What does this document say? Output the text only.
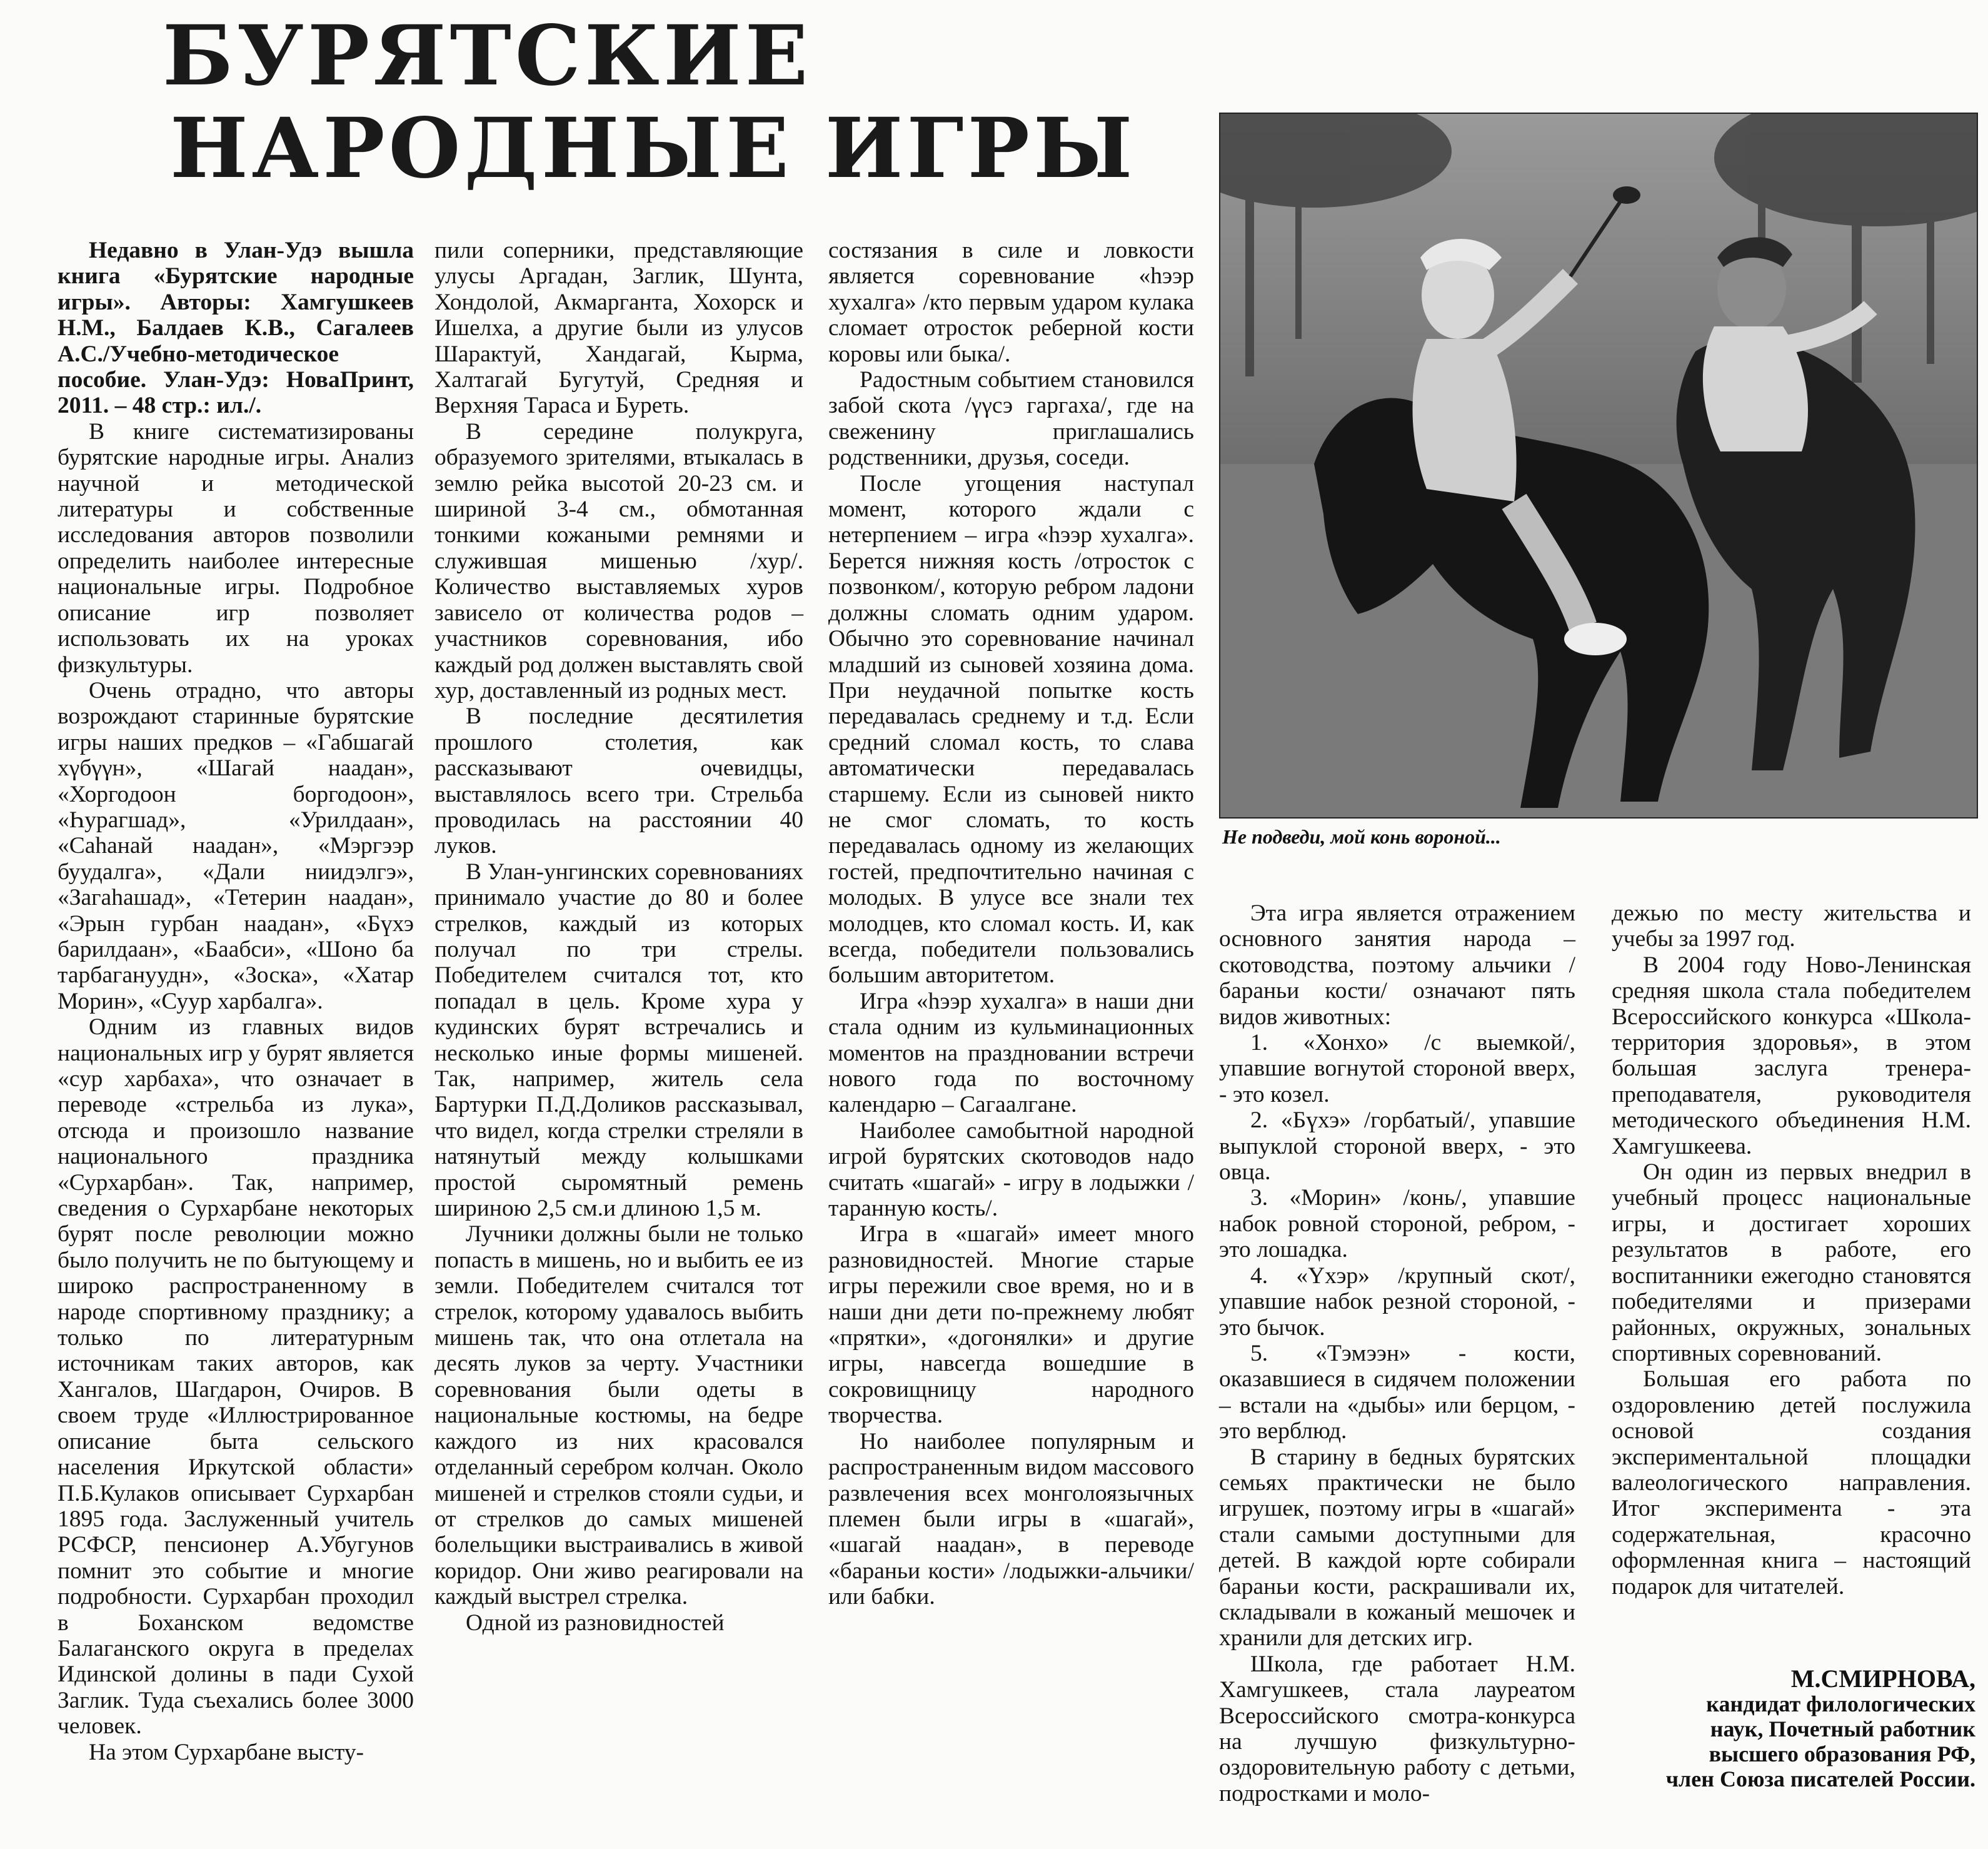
БУРЯТСКИЕ
НАРОДНЫЕ ИГРЫ
Не подведи, мой конь вороной...

Недавно в Улан-Удэ вышла книга «Бурятские народные игры». Авторы: Хамгушкеев Н.М., Балдаев К.В., Сагалеев А.С./Учебно-методическое пособие. Улан-Удэ: НоваПринт, 2011. – 48 стр.: ил./.

В книге систематизированы бурятские народные игры. Анализ научной и методической литературы и собственные исследования авторов позволили определить наиболее интересные национальные игры. Подробное описание игр позволяет использовать их на уроках физкультуры.

Очень отрадно, что авторы возрождают старинные бурятские игры наших предков – «Габшагай хγбγγн», «Шагай наадан», «Хоргодоон боргодоон», «Һурагшад», «Урилдаан», «Саһанай наадан», «Мэргээр буудалга», «Дали ниидэлгэ», «Загаһашад», «Тетерин наадан», «Эрын гурбан наадан», «Бүхэ барилдаан», «Баабси», «Шоно ба тарбагануудн», «Зоска», «Хатар Морин», «Суур харбалга».

Одним из главных видов национальных игр у бурят является «сур харбаха», что означает в переводе «стрельба из лука», отсюда и произошло название национального праздника «Сурхарбан». Так, например, сведения о Сурхарбане некоторых бурят после революции можно было получить не по бытующему и широко распространенному в народе спортивному празднику; а только по литературным источникам таких авторов, как Хангалов, Шагдарон, Очиров. В своем труде «Иллюстрированное описание быта сельского населения Иркутской области» П.Б.Кулаков описывает Сурхарбан 1895 года. Заслуженный учитель РСФСР, пенсионер А.Убугунов помнит это событие и многие подробности. Сурхарбан проходил в Боханском ведомстве Балаганского округа в пределах Идинской долины в пади Сухой Заглик. Туда съехались более 3000 человек.

На этом Сурхарбане высту-

пили соперники, представляющие улусы Аргадан, Заглик, Шунта, Хондолой, Акмарганта, Хохорск и Ишелха, а другие были из улусов Шарактуй, Хандагай, Кырма, Халтагай Бугутуй, Средняя и Верхняя Тараса и Бурeть.

В середине полукруга, образуемого зрителями, втыкалась в землю рейка высотой 20-23 см. и шириной 3-4 см., обмотанная тонкими кожаными ремнями и служившая мишенью /хур/. Количество выставляемых хуров зависело от количества родов – участников соревнования, ибо каждый род должен выставлять свой хур, доставленный из родных мест.

В последние десятилетия прошлого столетия, как рассказывают очевидцы, выставлялось всего три. Стрельба проводилась на расстоянии 40 луков.

В Улан-унгинских соревнованиях принимало участие до 80 и более стрелков, каждый из которых получал по три стрелы. Победителем считался тот, кто попадал в цель. Кроме хура у кудинских бурят встречались и несколько иные формы мишеней. Так, например, житель села Бартурки П.Д.Доликов рассказывал, что видел, когда стрелки стреляли в натянутый между колышками простой сыромятный ремень шириною 2,5 см.и длиною 1,5 м.

Лучники должны были не только попасть в мишень, но и выбить ее из земли. Победителем считался тот стрелок, которому удавалось выбить мишень так, что она отлетала на десять луков за черту. Участники соревнования были одеты в национальные костюмы, на бедре каждого из них красовался отделанный серебром колчан. Около мишеней и стрелков стояли судьи, и от стрелков до самых мишеней болельщики выстраивались в живой коридор. Они живо реагировали на каждый выстрел стрелка.

Одной из разновидностей

состязания в силе и ловкости является соревнование «һээр хухалга» /кто первым ударом кулака сломает отросток реберной кости коровы или быка/.

Радостным событием становился забой скота /γγсэ гаргаха/, где на свеженину приглашались родственники, друзья, соседи.

После угощения наступал момент, которого ждали с нетерпением – игра «һээр хухалга». Берется нижняя кость /отросток с позвонком/, которую ребром ладони должны сломать одним ударом. Обычно это соревнование начинал младший из сыновей хозяина дома. При неудачной попытке кость передавалась среднему и т.д. Если средний сломал кость, то слава автоматически передавалась старшему. Если из сыновей никто не смог сломать, то кость передавалась одному из желающих гостей, предпочтительно начиная с молодых. В улусе все знали тех молодцев, кто сломал кость. И, как всегда, победители пользовались большим авторитетом.

Игра «һээр хухалга» в наши дни стала одним из кульминационных моментов на праздновании встречи нового года по восточному календарю – Сагаалгане.

Наиболее самобытной народной игрой бурятских скотоводов надо считать «шагай» - игру в лодыжки /таранную кость/.

Игра в «шагай» имеет много разновидностей. Многие старые игры пережили свое время, но и в наши дни дети по-прежнему любят «прятки», «догонялки» и другие игры, навсегда вошедшие в сокровищницу народного творчества.

Но наиболее популярным и распространенным видом массового развлечения всех монголоязычных племен были игры в «шагай», «шагай наадан», в переводе «бараньи кости» /лодыжки-альчики/ или бабки.

Эта игра является отражением основного занятия народа – скотоводства, поэтому альчики /бараньи кости/ означают пять видов животных:

1. «Хонхо» /с выемкой/, упавшие вогнутой стороной вверх, - это козел.

2. «Бүхэ» /горбатый/, упавшие выпуклой стороной вверх, - это овца.

3. «Морин» /конь/, упавшие набок ровной стороной, ребром, - это лошадка.

4. «Үхэр» /крупный скот/, упавшие набок резной стороной, - это бычок.

5. «Тэмээн» - кости, оказавшиеся в сидячем положении – встали на «дыбы» или берцом, - это верблюд.

В старину в бедных бурятских семьях практически не было игрушек, поэтому игры в «шагай» стали самыми доступными для детей. В каждой юрте собирали бараньи кости, раскрашивали их, складывали в кожаный мешочек и хранили для детских игр.

Школа, где работает Н.М. Хамгушкеев, стала лауреатом Всероссийского смотра-конкурса на лучшую физкультурно-оздоровительную работу с детьми, подростками и моло-

дежью по месту жительства и учебы за 1997 год.

В 2004 году Ново-Ленинская средняя школа стала победителем Всероссийского конкурса «Школа-территория здоровья», в этом большая заслуга тренера-преподавателя, руководителя методического объединения Н.М. Хамгушкеева.

Он один из первых внедрил в учебный процесс национальные игры, и достигает хороших результатов в работе, его воспитанники ежегодно становятся победителями и призерами районных, окружных, зональных спортивных соревнований.

Большая его работа по оздоровлению детей послужила основой создания экспериментальной площадки валеологического направления. Итог эксперимента - эта содержательная, красочно оформленная книга – настоящий подарок для читателей.

М.СМИРНОВА,
кандидат филологических
наук, Почетный работник
высшего образования РФ,
член Союза писателей России.
